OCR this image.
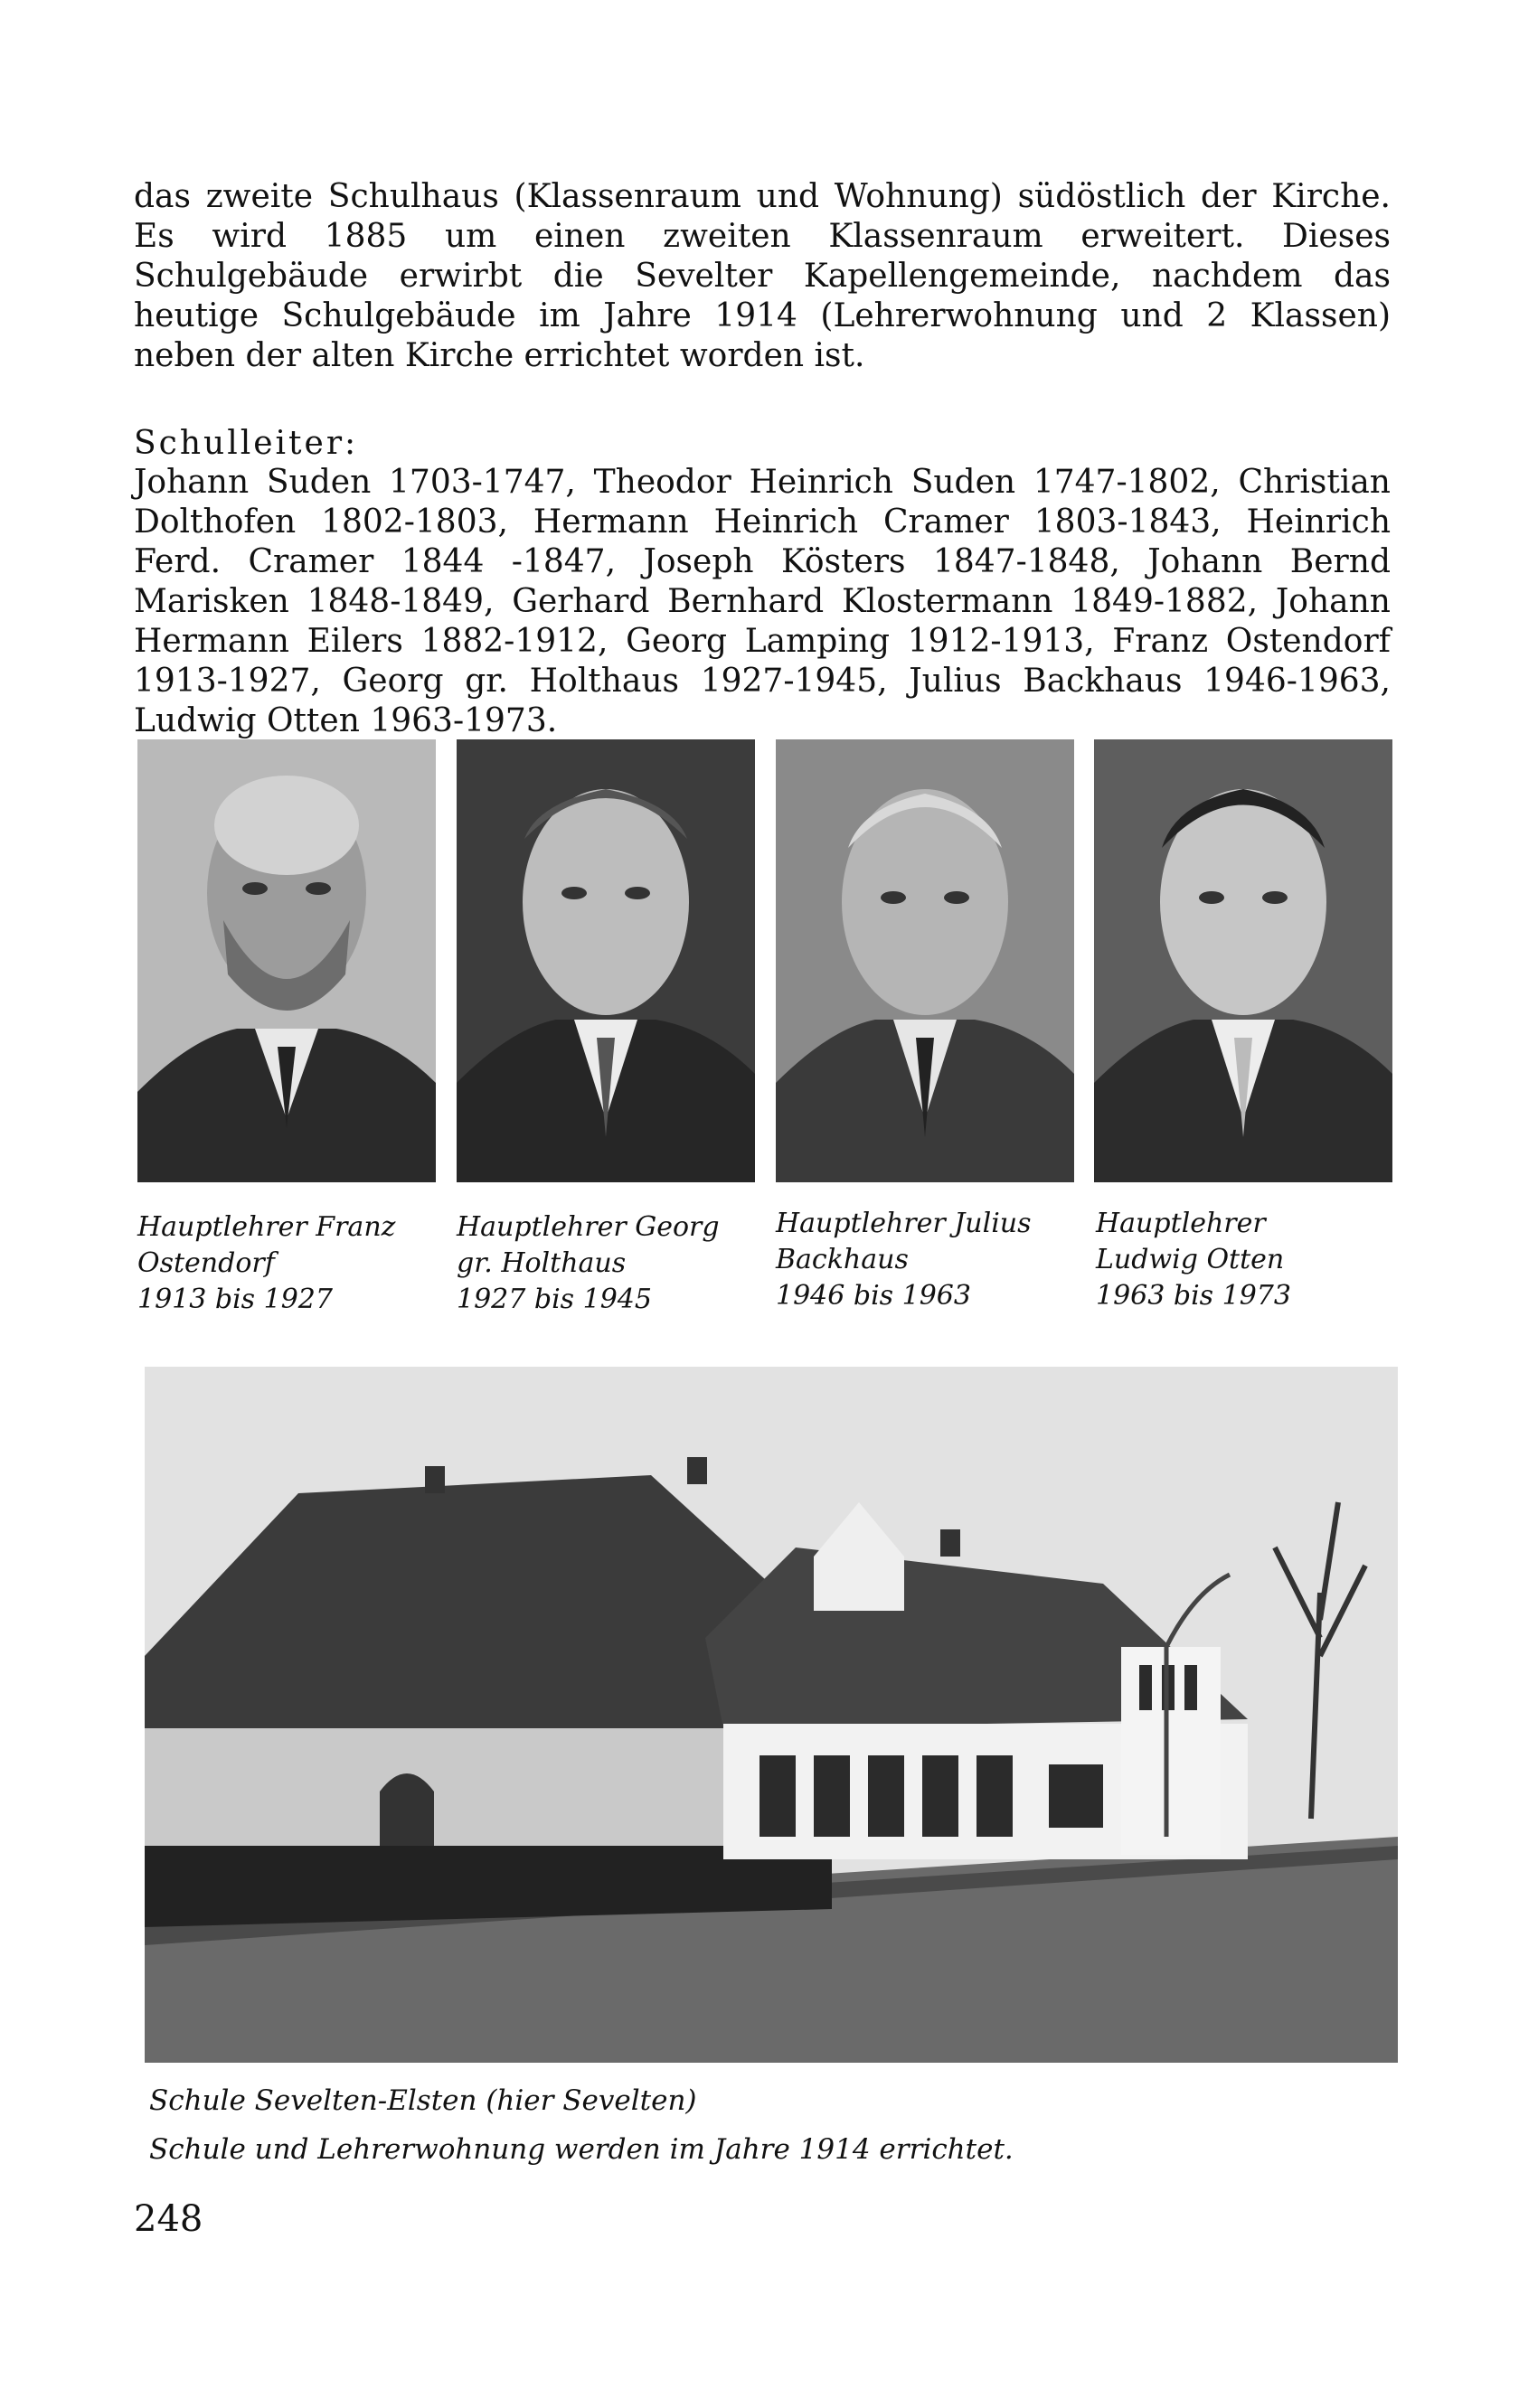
das zweite Schulhaus (Klassenraum und Wohnung) südöstlich der Kirche. Es wird 1885 um einen zweiten Klassenraum erweitert. Dieses Schulgebäude erwirbt die Sevelter Kapellengemeinde, nachdem das heutige Schulgebäude im Jahre 1914 (Lehrerwohnung und 2 Klassen) neben der alten Kirche errichtet worden ist.

Schulleiter:

Johann Suden 1703-1747, Theodor Heinrich Suden 1747-1802, Christian Dolthofen 1802-1803, Hermann Heinrich Cramer 1803-1843, Heinrich Ferd. Cramer 1844 -1847, Joseph Kösters 1847-1848, Johann Bernd Marisken 1848-1849, Gerhard Bernhard Klostermann 1849-1882, Johann Hermann Eilers 1882-1912, Georg Lamping 1912-1913, Franz Ostendorf 1913-1927, Georg gr. Holthaus 1927-1945, Julius Backhaus 1946-1963, Ludwig Otten 1963-1973.

Hauptlehrer Franz
Ostendorf
1913 bis 1927
Hauptlehrer Georg
gr. Holthaus
1927 bis 1945
Hauptlehrer Julius
Backhaus
1946 bis 1963
Hauptlehrer
Ludwig Otten
1963 bis 1973
Schule Sevelten-Elsten (hier Sevelten)
Schule und Lehrerwohnung werden im Jahre 1914 errichtet.
248
